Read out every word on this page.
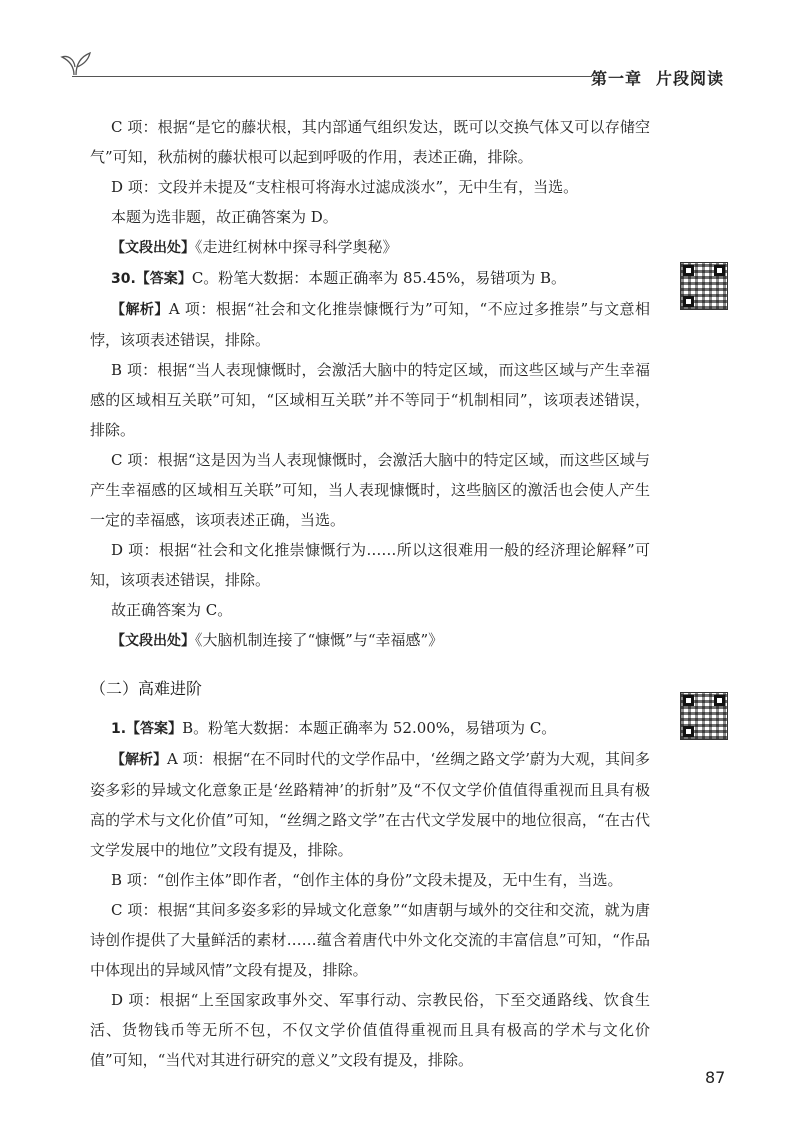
第一章 片段阅读

C 项：根据“是它的藤状根，其内部通气组织发达，既可以交换气体又可以存储空气”可知，秋茄树的藤状根可以起到呼吸的作用，表述正确，排除。

D 项：文段并未提及“支柱根可将海水过滤成淡水”，无中生有，当选。

本题为选非题，故正确答案为 D。

【文段出处】《走进红树林中探寻科学奥秘》

30.【答案】C。粉笔大数据：本题正确率为 85.45%，易错项为 B。

【解析】A 项：根据“社会和文化推崇慷慨行为”可知，“不应过多推崇”与文意相悖，该项表述错误，排除。

B 项：根据“当人表现慷慨时，会激活大脑中的特定区域，而这些区域与产生幸福感的区域相互关联”可知，“区域相互关联”并不等同于“机制相同”，该项表述错误，排除。

C 项：根据“这是因为当人表现慷慨时，会激活大脑中的特定区域，而这些区域与产生幸福感的区域相互关联”可知，当人表现慷慨时，这些脑区的激活也会使人产生一定的幸福感，该项表述正确，当选。

D 项：根据“社会和文化推崇慷慨行为……所以这很难用一般的经济理论解释”可知，该项表述错误，排除。

故正确答案为 C。

【文段出处】《大脑机制连接了“慷慨”与“幸福感”》

（二）高难进阶

1.【答案】B。粉笔大数据：本题正确率为 52.00%，易错项为 C。

【解析】A 项：根据“在不同时代的文学作品中，‘丝绸之路文学’蔚为大观，其间多姿多彩的异域文化意象正是‘丝路精神’的折射”及“不仅文学价值值得重视而且具有极高的学术与文化价值”可知，“丝绸之路文学”在古代文学发展中的地位很高，“在古代文学发展中的地位”文段有提及，排除。

B 项：“创作主体”即作者，“创作主体的身份”文段未提及，无中生有，当选。

C 项：根据“其间多姿多彩的异域文化意象”“如唐朝与域外的交往和交流，就为唐诗创作提供了大量鲜活的素材……蕴含着唐代中外文化交流的丰富信息”可知，“作品中体现出的异域风情”文段有提及，排除。

D 项：根据“上至国家政事外交、军事行动、宗教民俗，下至交通路线、饮食生活、货物钱币等无所不包，不仅文学价值值得重视而且具有极高的学术与文化价值”可知，“当代对其进行研究的意义”文段有提及，排除。

87
